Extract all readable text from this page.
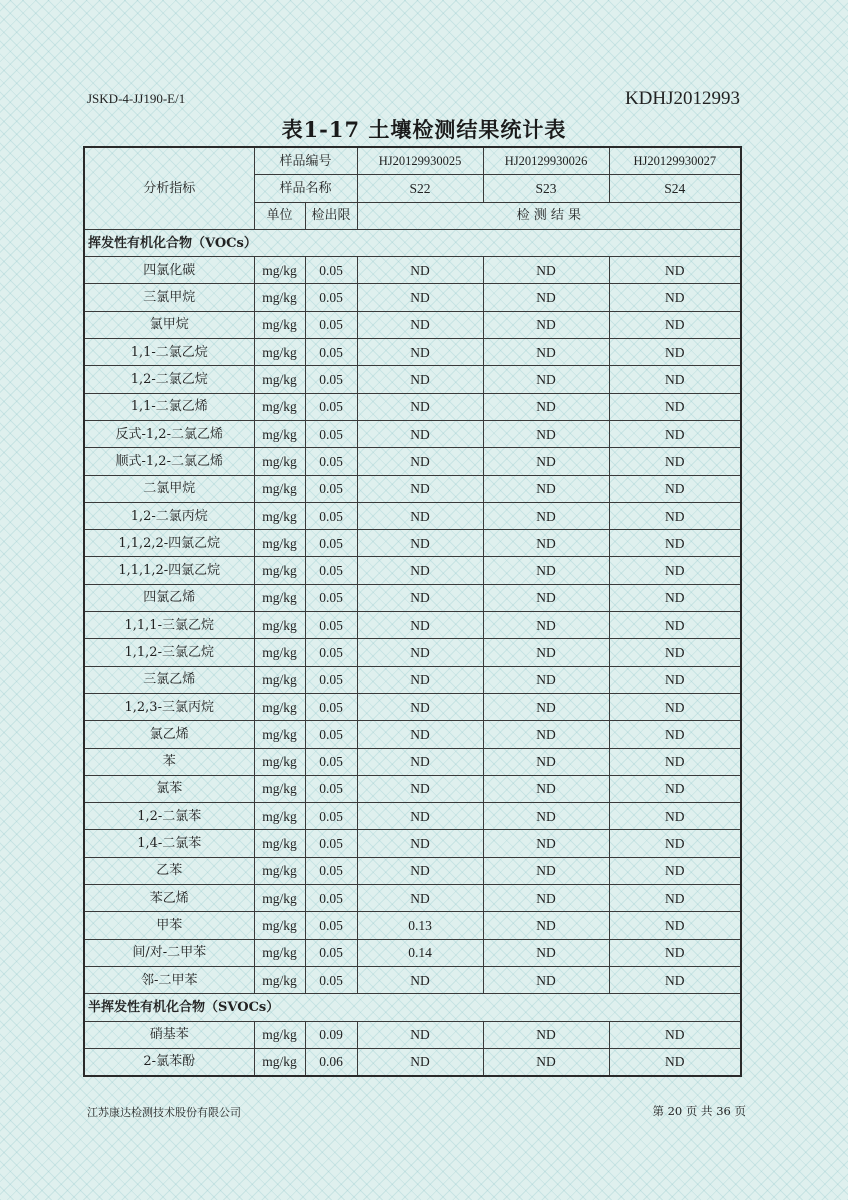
JSKD-4-JJ190-E/1	KDHJ2012993
表1-17 土壤检测结果统计表
分析指标	样品编号		HJ20129930025	HJ20129930026	HJ20129930027
	样品名称		S22	S23	S24
	单位	检出限	检 测 结 果		
挥发性有机化合物（VOCs）					
四氯化碳	mg/kg	0.05	ND	ND	ND
三氯甲烷	mg/kg	0.05	ND	ND	ND
氯甲烷	mg/kg	0.05	ND	ND	ND
1,1-二氯乙烷	mg/kg	0.05	ND	ND	ND
1,2-二氯乙烷	mg/kg	0.05	ND	ND	ND
1,1-二氯乙烯	mg/kg	0.05	ND	ND	ND
反式-1,2-二氯乙烯	mg/kg	0.05	ND	ND	ND
顺式-1,2-二氯乙烯	mg/kg	0.05	ND	ND	ND
二氯甲烷	mg/kg	0.05	ND	ND	ND
1,2-二氯丙烷	mg/kg	0.05	ND	ND	ND
1,1,2,2-四氯乙烷	mg/kg	0.05	ND	ND	ND
1,1,1,2-四氯乙烷	mg/kg	0.05	ND	ND	ND
四氯乙烯	mg/kg	0.05	ND	ND	ND
1,1,1-三氯乙烷	mg/kg	0.05	ND	ND	ND
1,1,2-三氯乙烷	mg/kg	0.05	ND	ND	ND
三氯乙烯	mg/kg	0.05	ND	ND	ND
1,2,3-三氯丙烷	mg/kg	0.05	ND	ND	ND
氯乙烯	mg/kg	0.05	ND	ND	ND
苯	mg/kg	0.05	ND	ND	ND
氯苯	mg/kg	0.05	ND	ND	ND
1,2-二氯苯	mg/kg	0.05	ND	ND	ND
1,4-二氯苯	mg/kg	0.05	ND	ND	ND
乙苯	mg/kg	0.05	ND	ND	ND
苯乙烯	mg/kg	0.05	ND	ND	ND
甲苯	mg/kg	0.05	0.13	ND	ND
间/对-二甲苯	mg/kg	0.05	0.14	ND	ND
邻-二甲苯	mg/kg	0.05	ND	ND	ND
半挥发性有机化合物（SVOCs）					
硝基苯	mg/kg	0.09	ND	ND	ND
2-氯苯酚	mg/kg	0.06	ND	ND	ND
江苏康达检测技术股份有限公司	第 20 页 共 36 页
